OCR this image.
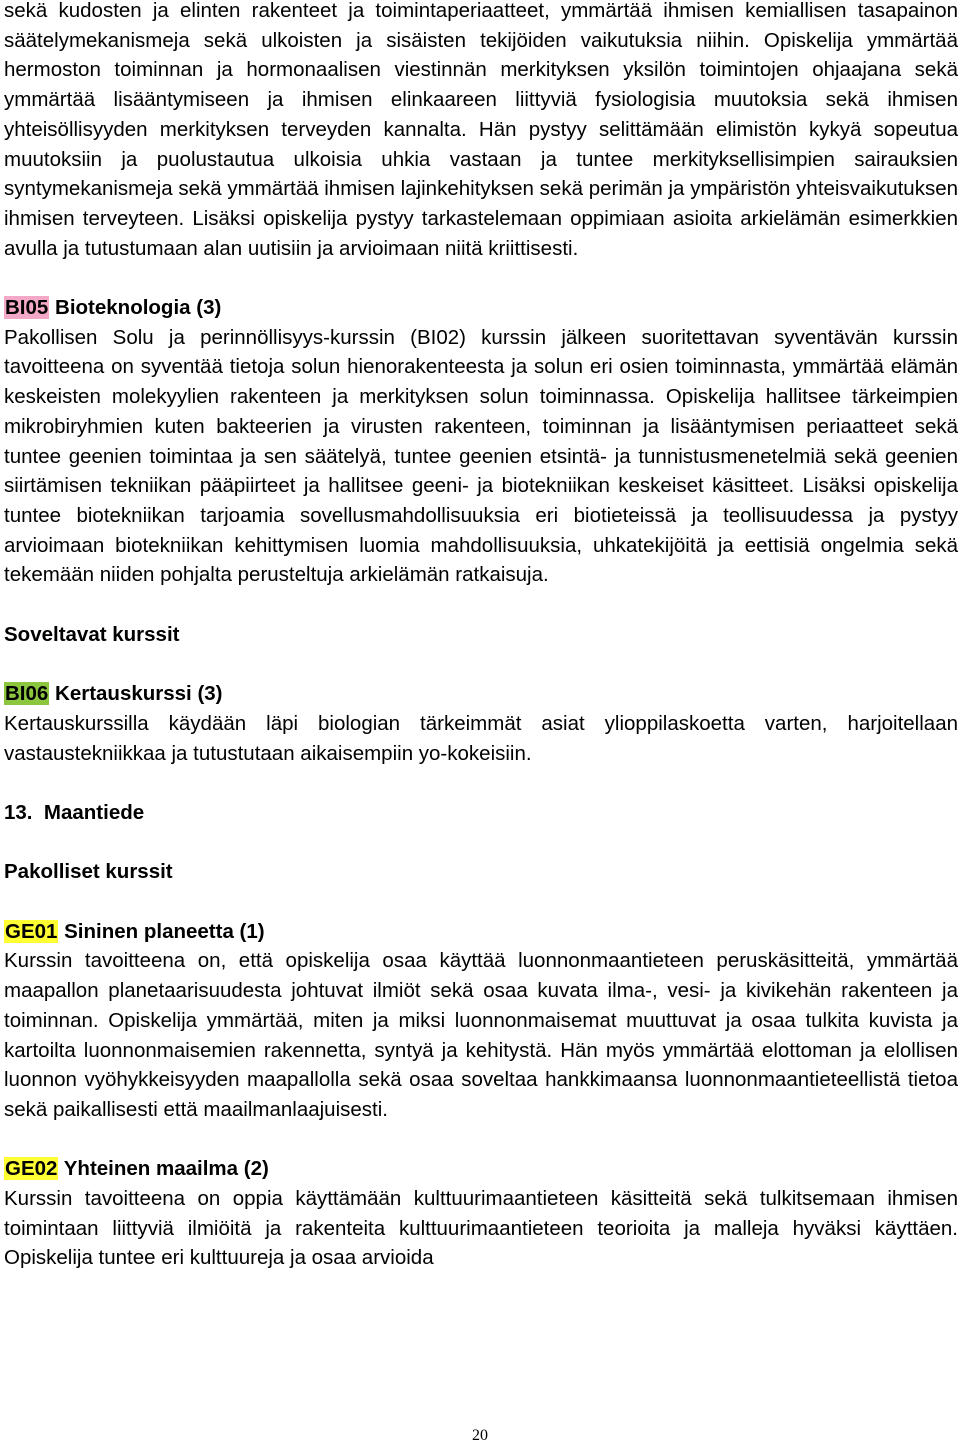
sekä kudosten ja elinten rakenteet ja toimintaperiaatteet, ymmärtää ihmisen kemiallisen tasapainon säätelymekanismeja sekä ulkoisten ja sisäisten tekijöiden vaikutuksia niihin. Opiskelija ymmärtää hermoston toiminnan ja hormonaalisen viestinnän merkityksen yksilön toimintojen ohjaajana sekä ymmärtää lisääntymiseen ja ihmisen elinkaareen liittyviä fysiologisia muutoksia sekä ihmisen yhteisöllisyyden merkityksen terveyden kannalta. Hän pystyy selittämään elimistön kykyä sopeutua muutoksiin ja puolustautua ulkoisia uhkia vastaan ja tuntee merkityksellisimpien sairauksien syntymekanismeja sekä ymmärtää ihmisen lajinkehityksen sekä perimän ja ympäristön yhteisvaikutuksen ihmisen terveyteen. Lisäksi opiskelija pystyy tarkastelemaan oppimiaan asioita arkielämän esimerkkien avulla ja tutustumaan alan uutisiin ja arvioimaan niitä kriittisesti.

BI05 Bioteknologia (3)

Pakollisen Solu ja perinnöllisyys-kurssin (BI02) kurssin jälkeen suoritettavan syventävän kurssin tavoitteena on syventää tietoja solun hienorakenteesta ja solun eri osien toiminnasta, ymmärtää elämän keskeisten molekyylien rakenteen ja merkityksen solun toiminnassa. Opiskelija hallitsee tärkeimpien mikrobiryhmien kuten bakteerien ja virusten rakenteen, toiminnan ja lisääntymisen periaatteet sekä tuntee geenien toimintaa ja sen säätelyä, tuntee geenien etsintä- ja tunnistusmenetelmiä sekä geenien siirtämisen tekniikan pääpiirteet ja hallitsee geeni- ja biotekniikan keskeiset käsitteet. Lisäksi opiskelija tuntee biotekniikan tarjoamia sovellusmahdollisuuksia eri biotieteissä ja teollisuudessa ja pystyy arvioimaan biotekniikan kehittymisen luomia mahdollisuuksia, uhkatekijöitä ja eettisiä ongelmia sekä tekemään niiden pohjalta perusteltuja arkielämän ratkaisuja.

Soveltavat kurssit

BI06 Kertauskurssi (3)

Kertauskurssilla käydään läpi biologian tärkeimmät asiat ylioppilaskoetta varten, harjoitellaan vastaustekniikkaa ja tutustutaan aikaisempiin yo-kokeisiin.

13. Maantiede

Pakolliset kurssit

GE01 Sininen planeetta (1)

Kurssin tavoitteena on, että opiskelija osaa käyttää luonnonmaantieteen peruskäsitteitä, ymmärtää maapallon planetaarisuudesta johtuvat ilmiöt sekä osaa kuvata ilma-, vesi- ja kivikehän rakenteen ja toiminnan. Opiskelija ymmärtää, miten ja miksi luonnonmaisemat muuttuvat ja osaa tulkita kuvista ja kartoilta luonnonmaisemien rakennetta, syntyä ja kehitystä. Hän myös ymmärtää elottoman ja elollisen luonnon vyöhykkeisyyden maapallolla sekä osaa soveltaa hankkimaansa luonnonmaantieteellistä tietoa sekä paikallisesti että maailmanlaajuisesti.

GE02 Yhteinen maailma (2)

Kurssin tavoitteena on oppia käyttämään kulttuurimaantieteen käsitteitä sekä tulkitsemaan ihmisen toimintaan liittyviä ilmiöitä ja rakenteita kulttuurimaantieteen teorioita ja malleja hyväksi käyttäen. Opiskelija tuntee eri kulttuureja ja osaa arvioida

20
